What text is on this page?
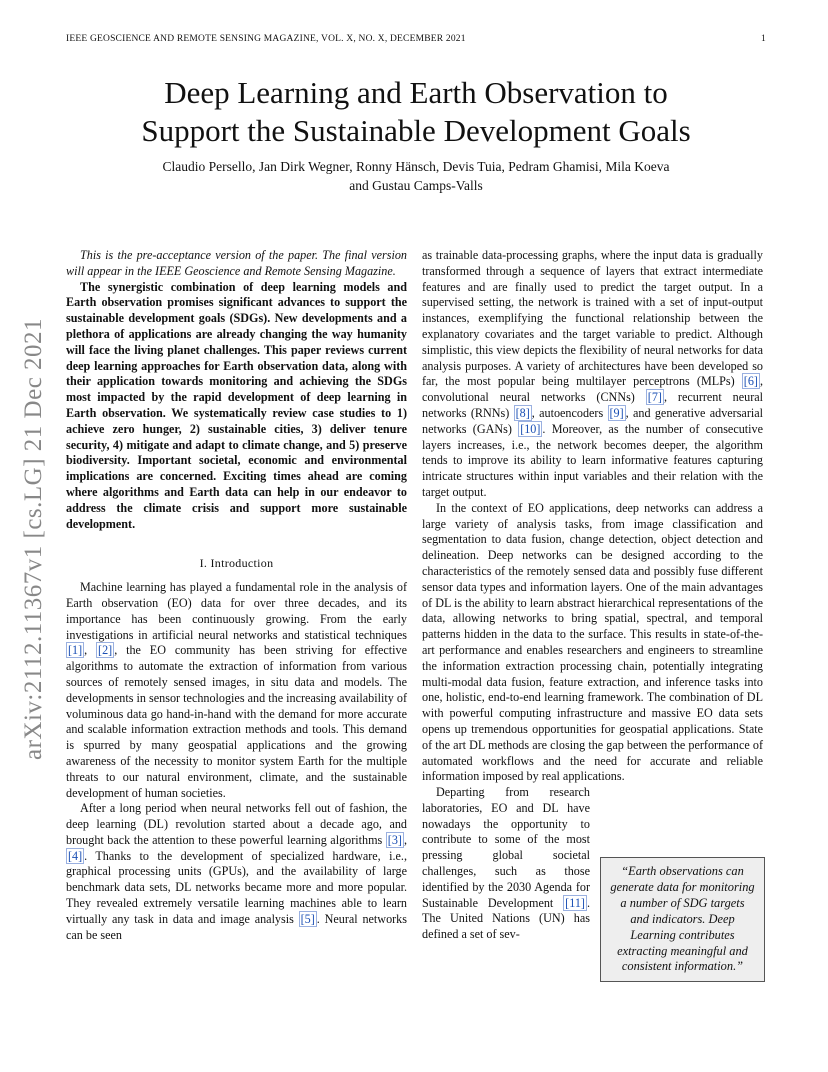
IEEE GEOSCIENCE AND REMOTE SENSING MAGAZINE, VOL. X, NO. X, DECEMBER 2021	1
arXiv:2112.11367v1 [cs.LG] 21 Dec 2021
Deep Learning and Earth Observation to
Support the Sustainable Development Goals
Claudio Persello, Jan Dirk Wegner, Ronny Hänsch, Devis Tuia, Pedram Ghamisi, Mila Koeva
and Gustau Camps-Valls

This is the pre-acceptance version of the paper. The final version will appear in the IEEE Geoscience and Remote Sensing Magazine.

The synergistic combination of deep learning models and Earth observation promises significant advances to support the sustainable development goals (SDGs). New developments and a plethora of applications are already changing the way humanity will face the living planet challenges. This paper reviews current deep learning approaches for Earth observation data, along with their application towards monitoring and achieving the SDGs most impacted by the rapid development of deep learning in Earth observation. We systematically review case studies to 1) achieve zero hunger, 2) sustainable cities, 3) deliver tenure security, 4) mitigate and adapt to climate change, and 5) preserve biodiversity. Important societal, economic and environmental implications are concerned. Exciting times ahead are coming where algorithms and Earth data can help in our endeavor to address the climate crisis and support more sustainable development.

I. Introduction

Machine learning has played a fundamental role in the analysis of Earth observation (EO) data for over three decades, and its importance has been continuously growing. From the early investigations in artificial neural networks and statistical techniques [1] , [2] , the EO community has been striving for effective algorithms to automate the extraction of information from various sources of remotely sensed images, in situ data and models. The developments in sensor technologies and the increasing availability of voluminous data go hand-in-hand with the demand for more accurate and scalable information extraction methods and tools. This demand is spurred by many geospatial applications and the growing awareness of the necessity to monitor system Earth for the multiple threats to our natural environment, climate, and the sustainable development of human societies.

After a long period when neural networks fell out of fashion, the deep learning (DL) revolution started about a decade ago, and brought back the attention to these powerful learning algorithms [3] , [4] . Thanks to the development of specialized hardware, i.e., graphical processing units (GPUs), and the availability of large benchmark data sets, DL networks became more and more popular. They revealed extremely versatile learning machines able to learn virtually any task in data and image analysis [5] . Neural networks can be seen

as trainable data-processing graphs, where the input data is gradually transformed through a sequence of layers that extract intermediate features and are finally used to predict the target output. In a supervised setting, the network is trained with a set of input-output instances, exemplifying the functional relationship between the explanatory covariates and the target variable to predict. Although simplistic, this view depicts the flexibility of neural networks for data analysis purposes. A variety of architectures have been developed so far, the most popular being multilayer perceptrons (MLPs) [6] , convolutional neural networks (CNNs) [7] , recurrent neural networks (RNNs) [8] , autoencoders [9] , and generative adversarial networks (GANs) [10] . Moreover, as the number of consecutive layers increases, i.e., the network becomes deeper, the algorithm tends to improve its ability to learn informative features capturing intricate structures within input variables and their relation with the target output.

In the context of EO applications, deep networks can address a large variety of analysis tasks, from image classification and segmentation to data fusion, change detection, object detection and delineation. Deep networks can be designed according to the characteristics of the remotely sensed data and possibly fuse different sensor data types and information layers. One of the main advantages of DL is the ability to learn abstract hierarchical representations of the data, allowing networks to bring spatial, spectral, and temporal patterns hidden in the data to the surface. This results in state-of-the-art performance and enables researchers and engineers to streamline the information extraction processing chain, potentially integrating multi-modal data fusion, feature extraction, and inference tasks into one, holistic, end-to-end learning framework. The combination of DL with powerful computing infrastructure and massive EO data sets opens up tremendous opportunities for geospatial applications. State of the art DL methods are closing the gap between the performance of automated workflows and the need for accurate and reliable information imposed by real applications.

Departing from research laboratories, EO and DL have nowadays the opportunity to contribute to some of the most pressing global societal challenges, such as those identified by the 2030 Agenda for Sustainable Development [11] . The United Nations (UN) has defined a set of sev-

“Earth observations can generate data for monitoring a number of SDG targets and indicators. Deep Learning contributes extracting meaningful and consistent information.”
